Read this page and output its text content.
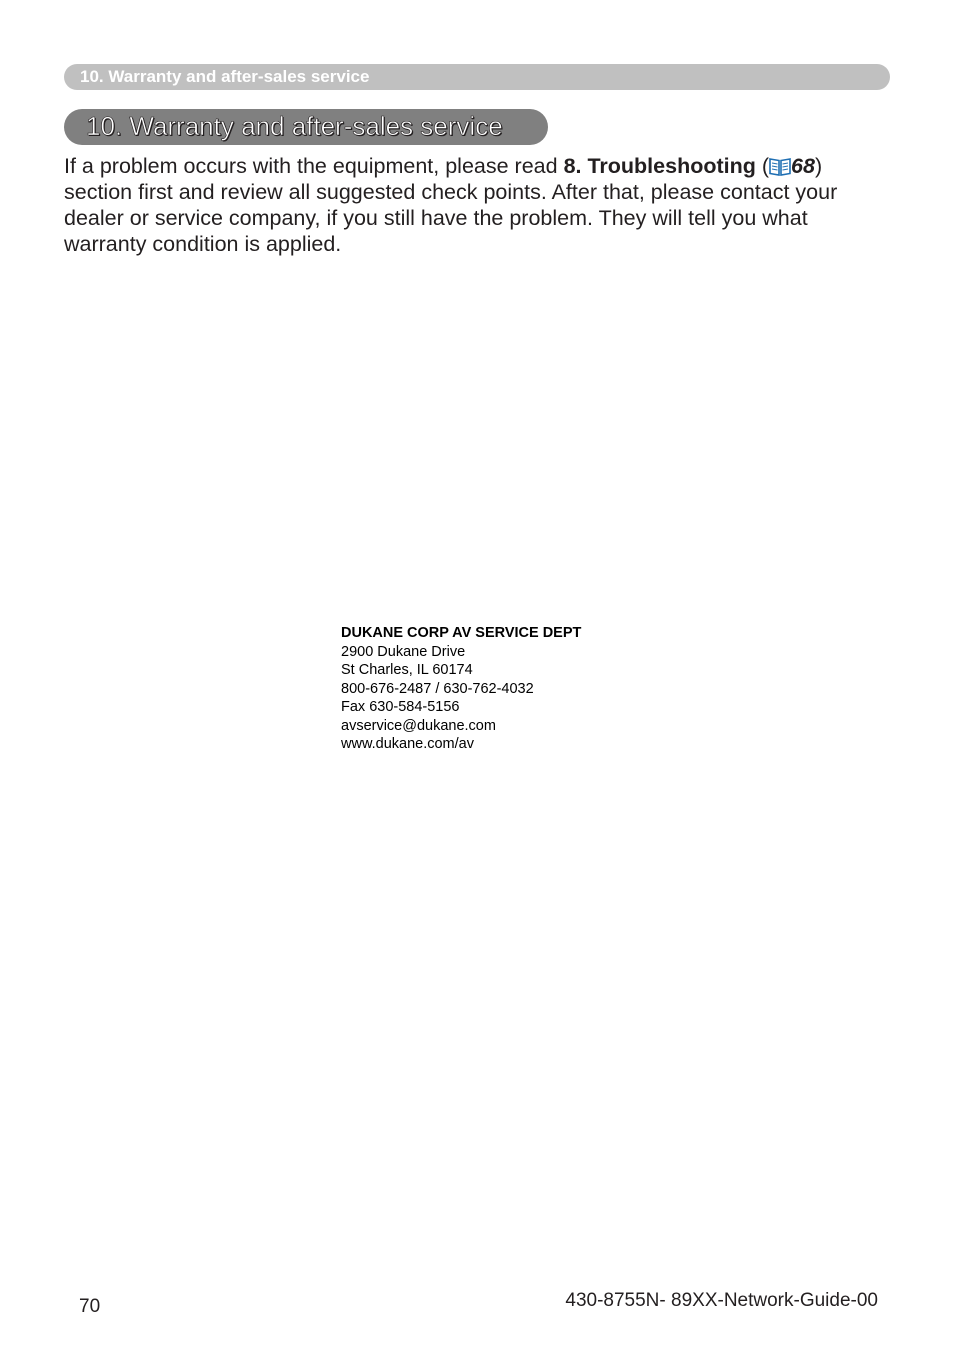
10. Warranty and after-sales service
10. Warranty and after-sales service

If a problem occurs with the equipment, please read 8. Troubleshooting ( 68) section first and review all suggested check points. After that, please contact your dealer or service company, if you still have the problem. They will tell you what warranty condition is applied.

DUKANE CORP AV SERVICE DEPT
2900 Dukane Drive
St Charles, IL 60174
800-676-2487 / 630-762-4032
Fax 630-584-5156
avservice@dukane.com
www.dukane.com/av
70	430-8755N- 89XX-Network-Guide-00
